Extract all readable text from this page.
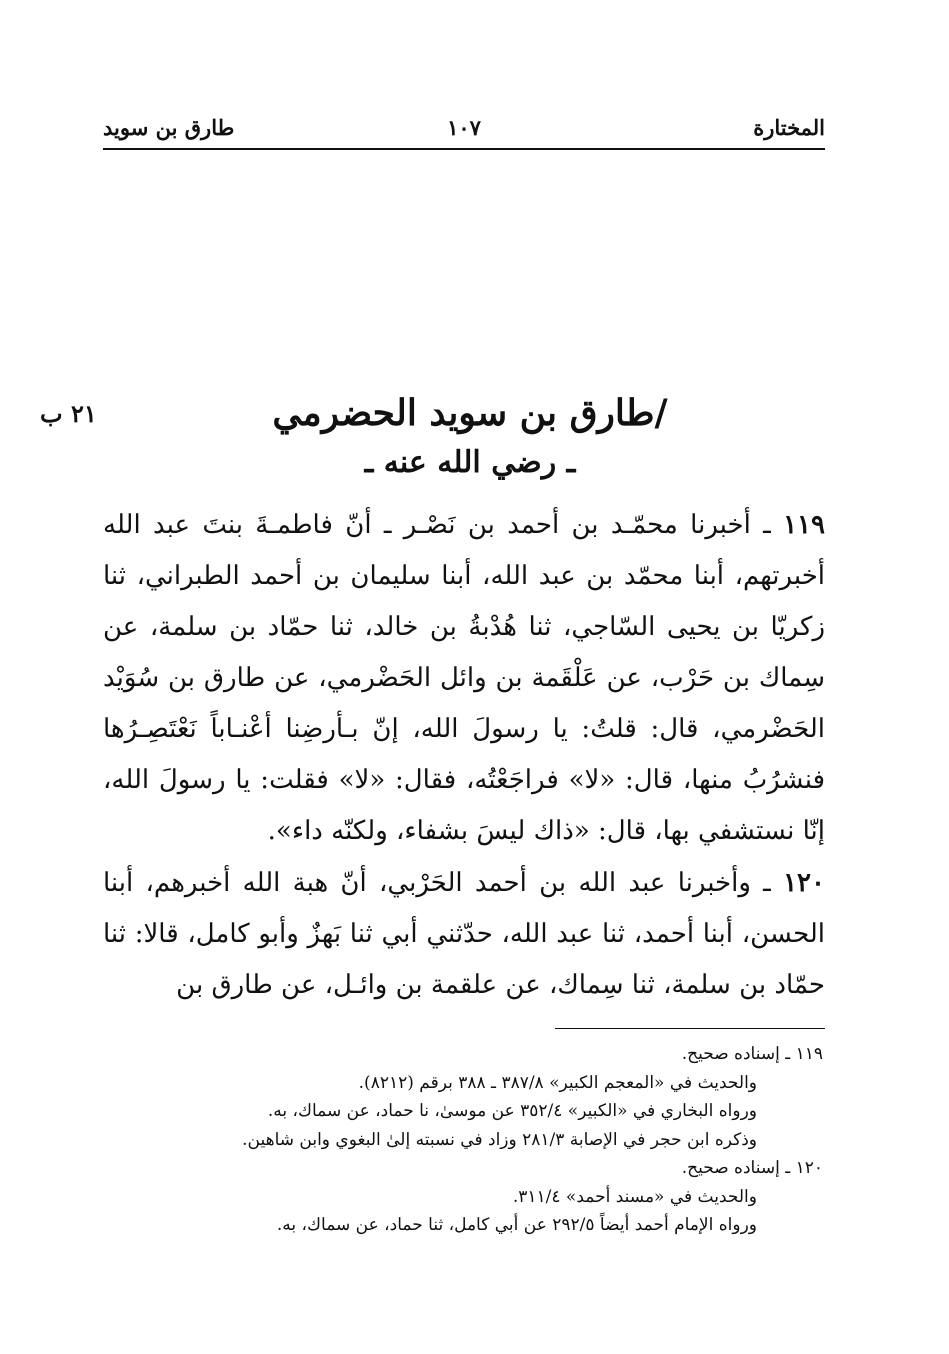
المختارة
١٠٧
طارق بن سويد
٢١ ب	/طارق بن سويد الحضرمي
ـ رضي الله عنه ـ
١١٩ ـ أخبرنا محمّـد بن أحمد بن نَصْـر ـ أنّ فاطمـةَ بنتَ عبد الله أخبرتهم، أبنا محمّد بن عبد الله، أبنا سليمان بن أحمد الطبراني، ثنا زكريّا بن يحيى السّاجي، ثنا هُدْبةُ بن خالد، ثنا حمّاد بن سلمة، عن سِماك بن حَرْب، عن عَلْقَمة بن وائل الحَضْرمي، عن طارق بن سُوَيْد الحَضْرمي، قال: قلتُ: يا رسولَ الله، إنّ بـأرضِنا أعْنـاباً نَعْتَصِـرُها فنشرُبُ منها، قال: «لا» فراجَعْتُه، فقال: «لا» فقلت: يا رسولَ الله، إنّا نستشفي بها، قال: «ذاك ليسَ بشفاء، ولكنّه داء».
١٢٠ ـ وأخبرنا عبد الله بن أحمد الحَرْبي، أنّ هبة الله أخبرهم، أبنا الحسن، أبنا أحمد، ثنا عبد الله، حدّثني أبي ثنا بَهزٌ وأبو كامل، قالا: ثنا حمّاد بن سلمة، ثنا سِماك، عن علقمة بن وائـل، عن طارق بن
١١٩ ـ إسناده صحيح.
والحديث في «المعجم الكبير» ٣٨٧/٨ ـ ٣٨٨ برقم (٨٢١٢).
ورواه البخاري في «الكبير» ٣٥٢/٤ عن موسىٰ، نا حماد، عن سماك، به.
وذكره ابن حجر في الإصابة ٢٨١/٣ وزاد في نسبته إلىٰ البغوي وابن شاهين.
١٢٠ ـ إسناده صحيح.
والحديث في «مسند أحمد» ٣١١/٤.
ورواه الإمام أحمد أيضاً ٢٩٢/٥ عن أبي كامل، ثنا حماد، عن سماك، به.
